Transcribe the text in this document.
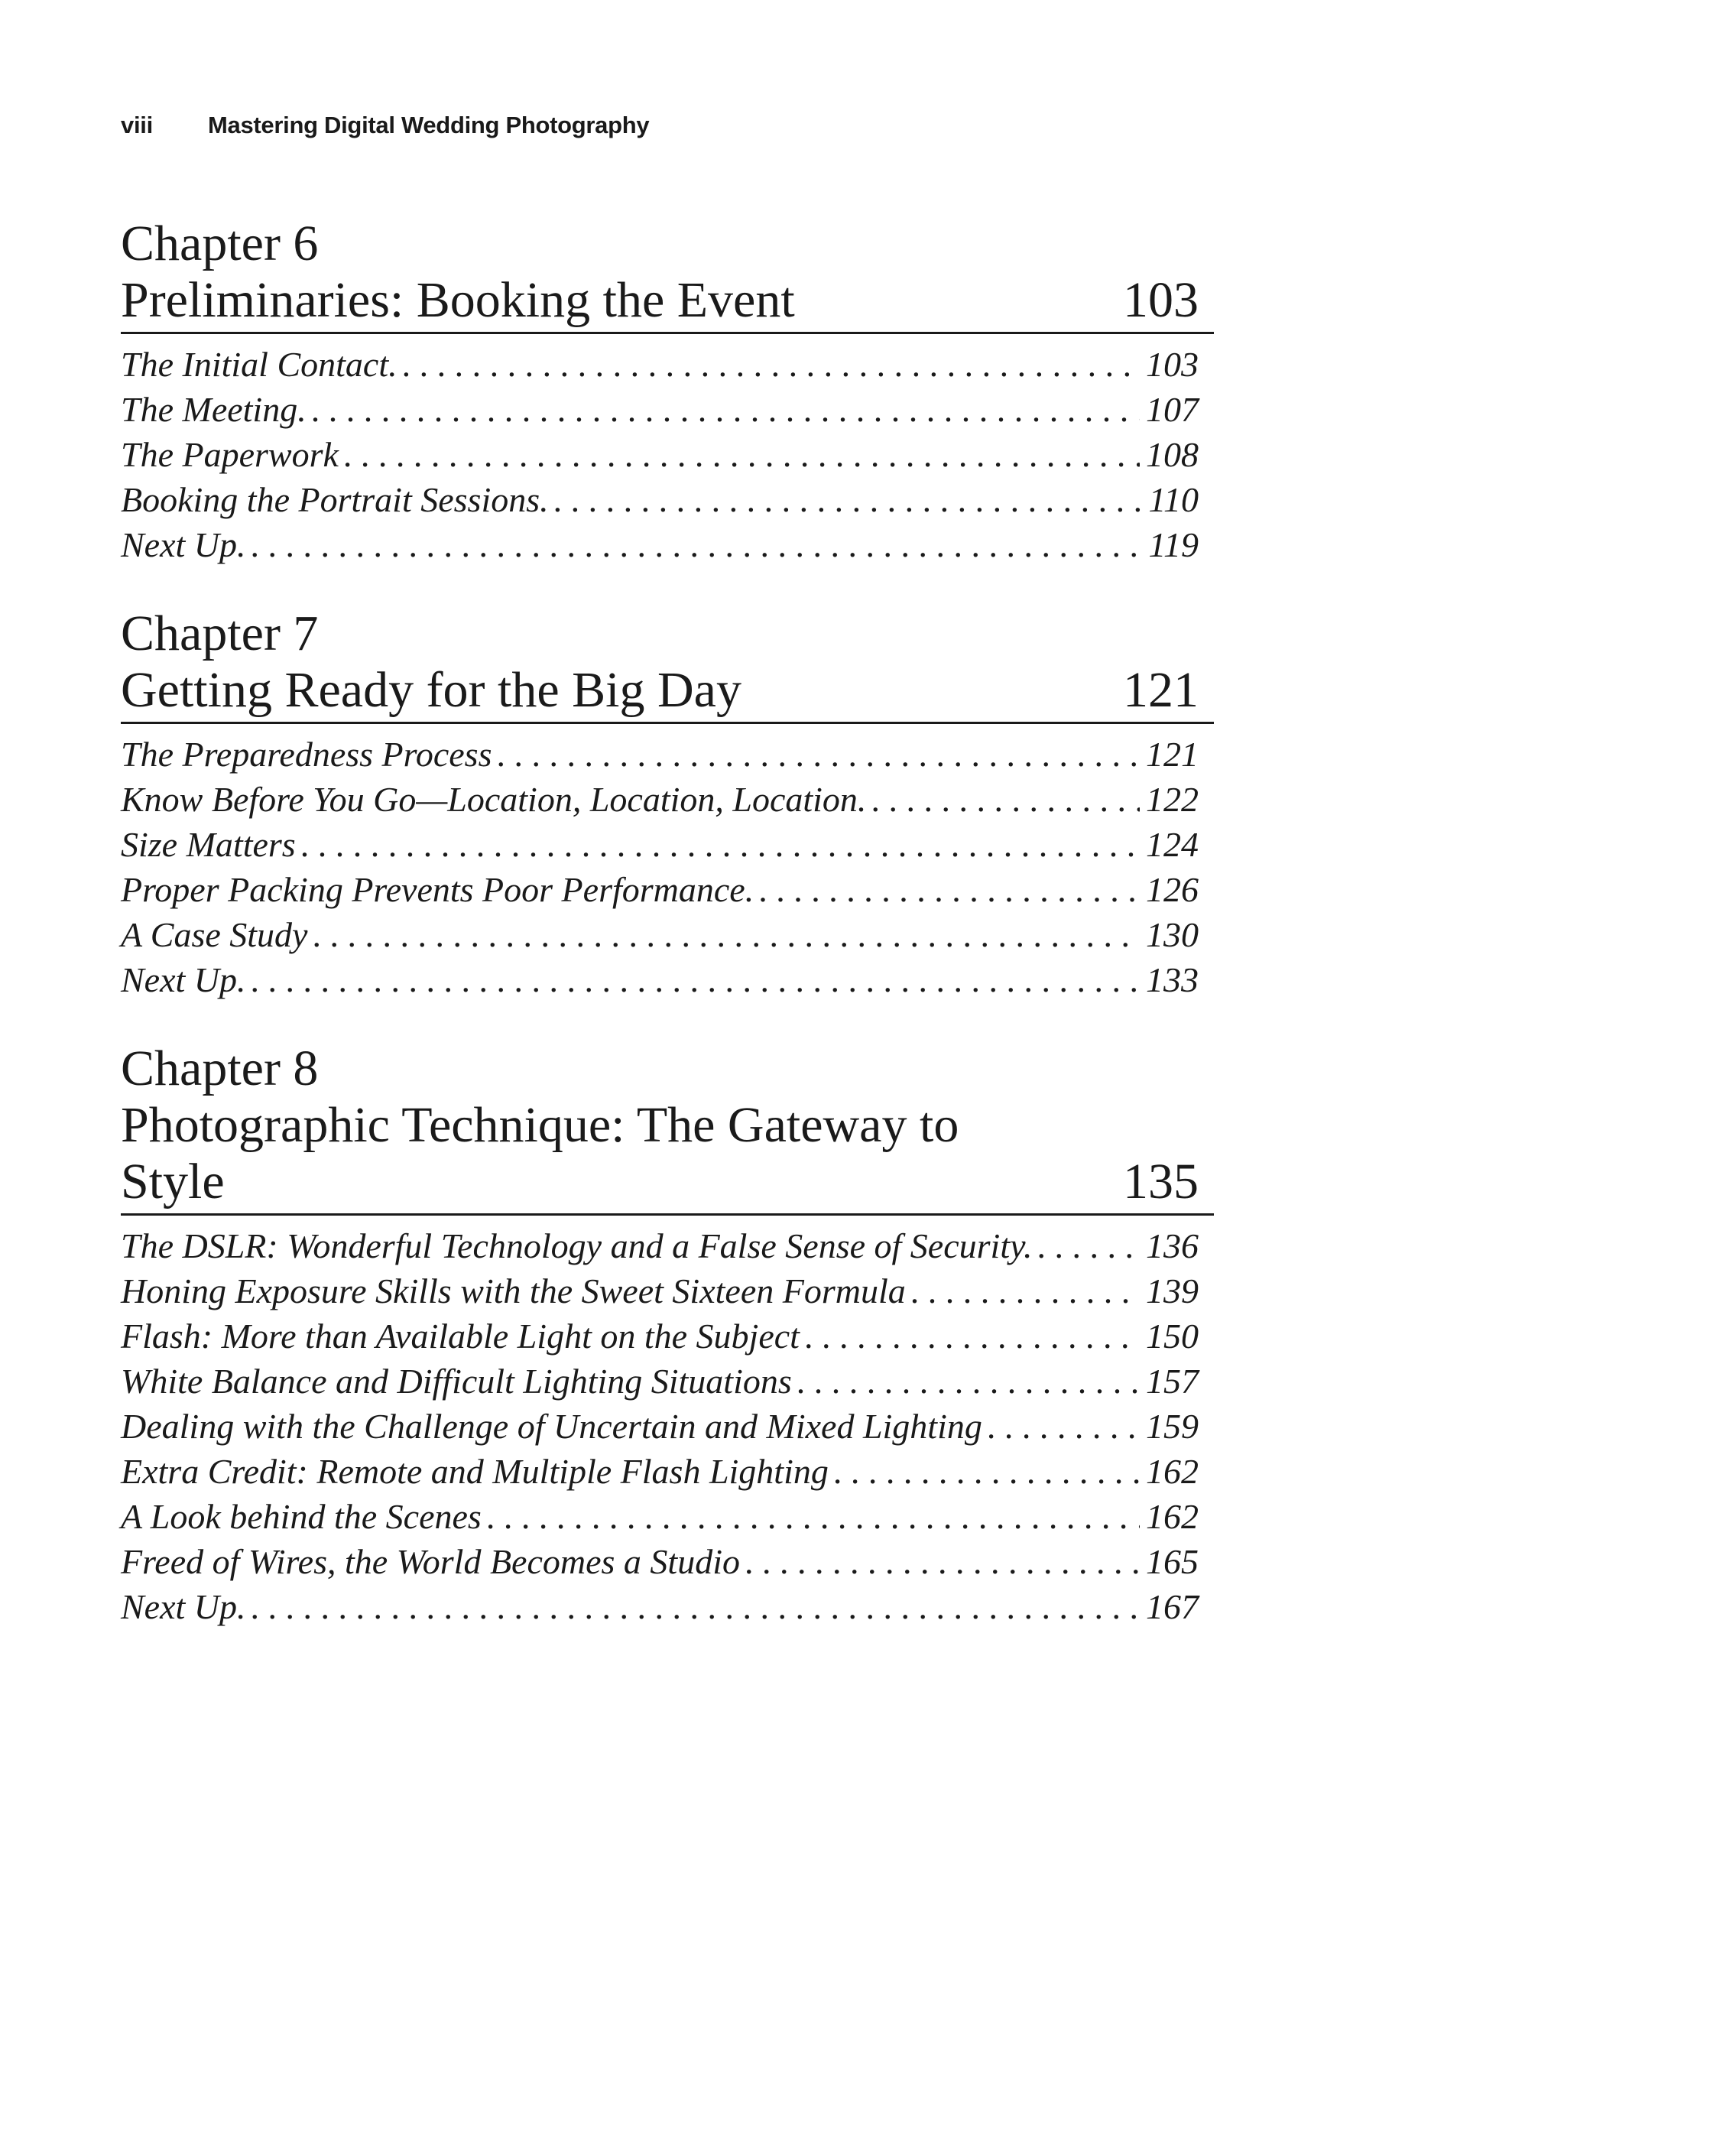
viii	Mastering Digital Wedding Photography
Chapter 6
Preliminaries: Booking the Event	103
The Initial Contact. . . .	103
The Meeting. . . .	107
The Paperwork . . .	108
Booking the Portrait Sessions. . . .	110
Next Up. . . .	119
Chapter 7
Getting Ready for the Big Day	121
The Preparedness Process . . .	121
Know Before You Go—Location, Location, Location. . . .	122
Size Matters . . .	124
Proper Packing Prevents Poor Performance. . . .	126
A Case Study . . .	130
Next Up. . . .	133
Chapter 8
Photographic Technique: The Gateway to Style	135
The DSLR: Wonderful Technology and a False Sense of Security. . . .	136
Honing Exposure Skills with the Sweet Sixteen Formula . . .	139
Flash: More than Available Light on the Subject . . .	150
White Balance and Difficult Lighting Situations . . .	157
Dealing with the Challenge of Uncertain and Mixed Lighting . . .	159
Extra Credit: Remote and Multiple Flash Lighting . . .	162
A Look behind the Scenes . . .	162
Freed of Wires, the World Becomes a Studio . . .	165
Next Up. . . .	167
